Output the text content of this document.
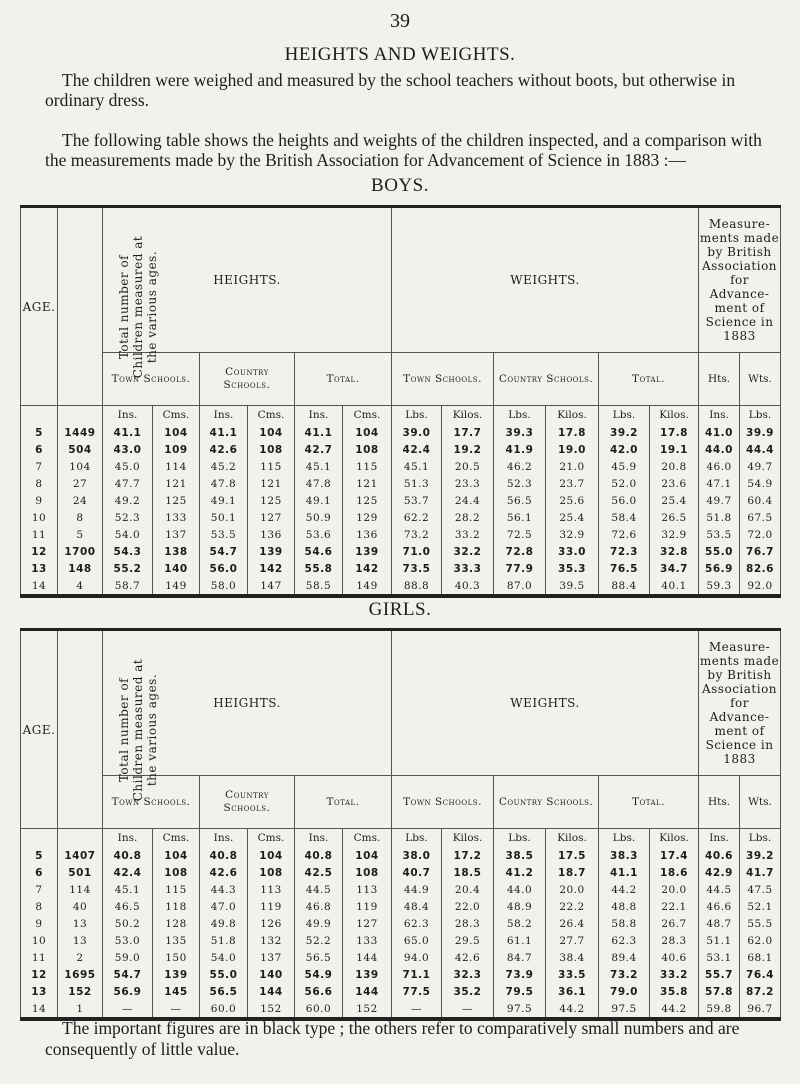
39
HEIGHTS AND WEIGHTS.
The children were weighed and measured by the school teachers without boots, but otherwise in ordinary dress.
The following table shows the heights and weights of the children inspected, and a comparison with the measurements made by the British Association for Advancement of Science in 1883 :—
BOYS.
AGE.	Total number of Children measured at the various ages.	HEIGHTS.						WEIGHTS.						Measure-ments made by British Association for Advance-ment of Science in 1883	
		Town Schools.		Country Schools.		Total.		Town Schools.		Country Schools.		Total.		Hts.	Wts.
		Ins.	Cms.	Ins.	Cms.	Ins.	Cms.	Lbs.	Kilos.	Lbs.	Kilos.	Lbs.	Kilos.	Ins.	Lbs.
5	1449	41.1	104	41.1	104	41.1	104	39.0	17.7	39.3	17.8	39.2	17.8	41.0	39.9
6	504	43.0	109	42.6	108	42.7	108	42.4	19.2	41.9	19.0	42.0	19.1	44.0	44.4
7	104	45.0	114	45.2	115	45.1	115	45.1	20.5	46.2	21.0	45.9	20.8	46.0	49.7
8	27	47.7	121	47.8	121	47.8	121	51.3	23.3	52.3	23.7	52.0	23.6	47.1	54.9
9	24	49.2	125	49.1	125	49.1	125	53.7	24.4	56.5	25.6	56.0	25.4	49.7	60.4
10	8	52.3	133	50.1	127	50.9	129	62.2	28.2	56.1	25.4	58.4	26.5	51.8	67.5
11	5	54.0	137	53.5	136	53.6	136	73.2	33.2	72.5	32.9	72.6	32.9	53.5	72.0
12	1700	54.3	138	54.7	139	54.6	139	71.0	32.2	72.8	33.0	72.3	32.8	55.0	76.7
13	148	55.2	140	56.0	142	55.8	142	73.5	33.3	77.9	35.3	76.5	34.7	56.9	82.6
14	4	58.7	149	58.0	147	58.5	149	88.8	40.3	87.0	39.5	88.4	40.1	59.3	92.0
GIRLS.
AGE.	Total number of Children measured at the various ages.	HEIGHTS.						WEIGHTS.						Measure-ments made by British Association for Advance-ment of Science in 1883	
		Town Schools.		Country Schools.		Total.		Town Schools.		Country Schools.		Total.		Hts.	Wts.
		Ins.	Cms.	Ins.	Cms.	Ins.	Cms.	Lbs.	Kilos.	Lbs.	Kilos.	Lbs.	Kilos.	Ins.	Lbs.
5	1407	40.8	104	40.8	104	40.8	104	38.0	17.2	38.5	17.5	38.3	17.4	40.6	39.2
6	501	42.4	108	42.6	108	42.5	108	40.7	18.5	41.2	18.7	41.1	18.6	42.9	41.7
7	114	45.1	115	44.3	113	44.5	113	44.9	20.4	44.0	20.0	44.2	20.0	44.5	47.5
8	40	46.5	118	47.0	119	46.8	119	48.4	22.0	48.9	22.2	48.8	22.1	46.6	52.1
9	13	50.2	128	49.8	126	49.9	127	62.3	28.3	58.2	26.4	58.8	26.7	48.7	55.5
10	13	53.0	135	51.8	132	52.2	133	65.0	29.5	61.1	27.7	62.3	28.3	51.1	62.0
11	2	59.0	150	54.0	137	56.5	144	94.0	42.6	84.7	38.4	89.4	40.6	53.1	68.1
12	1695	54.7	139	55.0	140	54.9	139	71.1	32.3	73.9	33.5	73.2	33.2	55.7	76.4
13	152	56.9	145	56.5	144	56.6	144	77.5	35.2	79.5	36.1	79.0	35.8	57.8	87.2
14	1	—	—	60.0	152	60.0	152	—	—	97.5	44.2	97.5	44.2	59.8	96.7
The important figures are in black type ; the others refer to comparatively small numbers and are consequently of little value.
